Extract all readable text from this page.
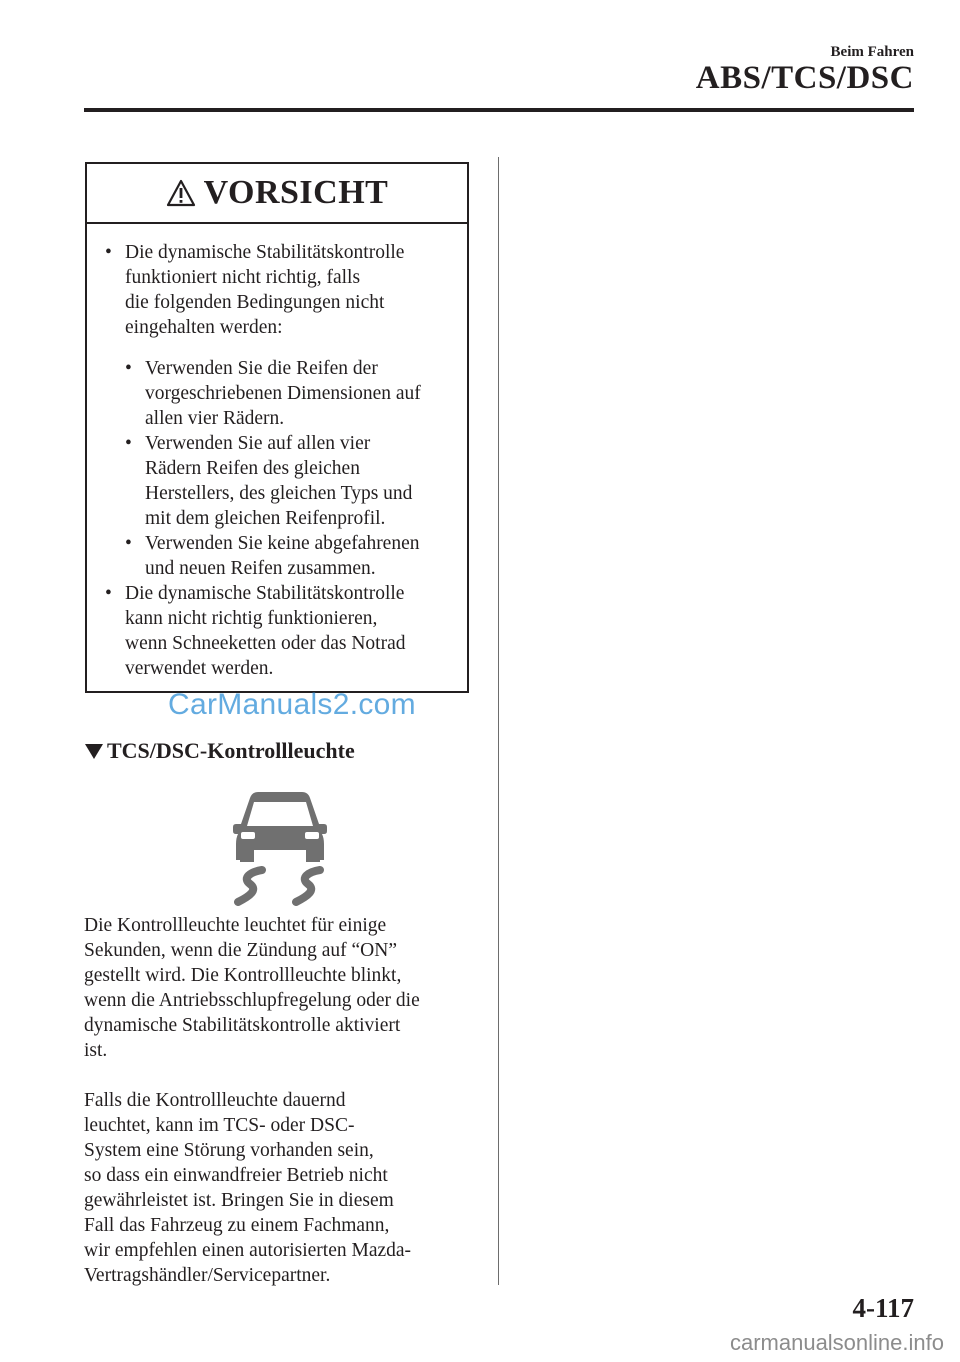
Beim Fahren
ABS/TCS/DSC
VORSICHT
• Die dynamische Stabilitätskontrolle
funktioniert nicht richtig, falls
die folgenden Bedingungen nicht
eingehalten werden:
• Verwenden Sie die Reifen der
vorgeschriebenen Dimensionen auf
allen vier Rädern.
• Verwenden Sie auf allen vier
Rädern Reifen des gleichen
Herstellers, des gleichen Typs und
mit dem gleichen Reifenprofil.
• Verwenden Sie keine abgefahrenen
und neuen Reifen zusammen.
• Die dynamische Stabilitätskontrolle
kann nicht richtig funktionieren,
wenn Schneeketten oder das Notrad
verwendet werden.
CarManuals2.com
TCS/DSC-Kontrollleuchte
Die Kontrollleuchte leuchtet für einige
Sekunden, wenn die Zündung auf “ON”
gestellt wird. Die Kontrollleuchte blinkt,
wenn die Antriebsschlupfregelung oder die
dynamische Stabilitätskontrolle aktiviert
ist.
Falls die Kontrollleuchte dauernd
leuchtet, kann im TCS- oder DSC-
System eine Störung vorhanden sein,
so dass ein einwandfreier Betrieb nicht
gewährleistet ist. Bringen Sie in diesem
Fall das Fahrzeug zu einem Fachmann,
wir empfehlen einen autorisierten Mazda-
Vertragshändler/Servicepartner.
4-117
carmanualsonline.info
